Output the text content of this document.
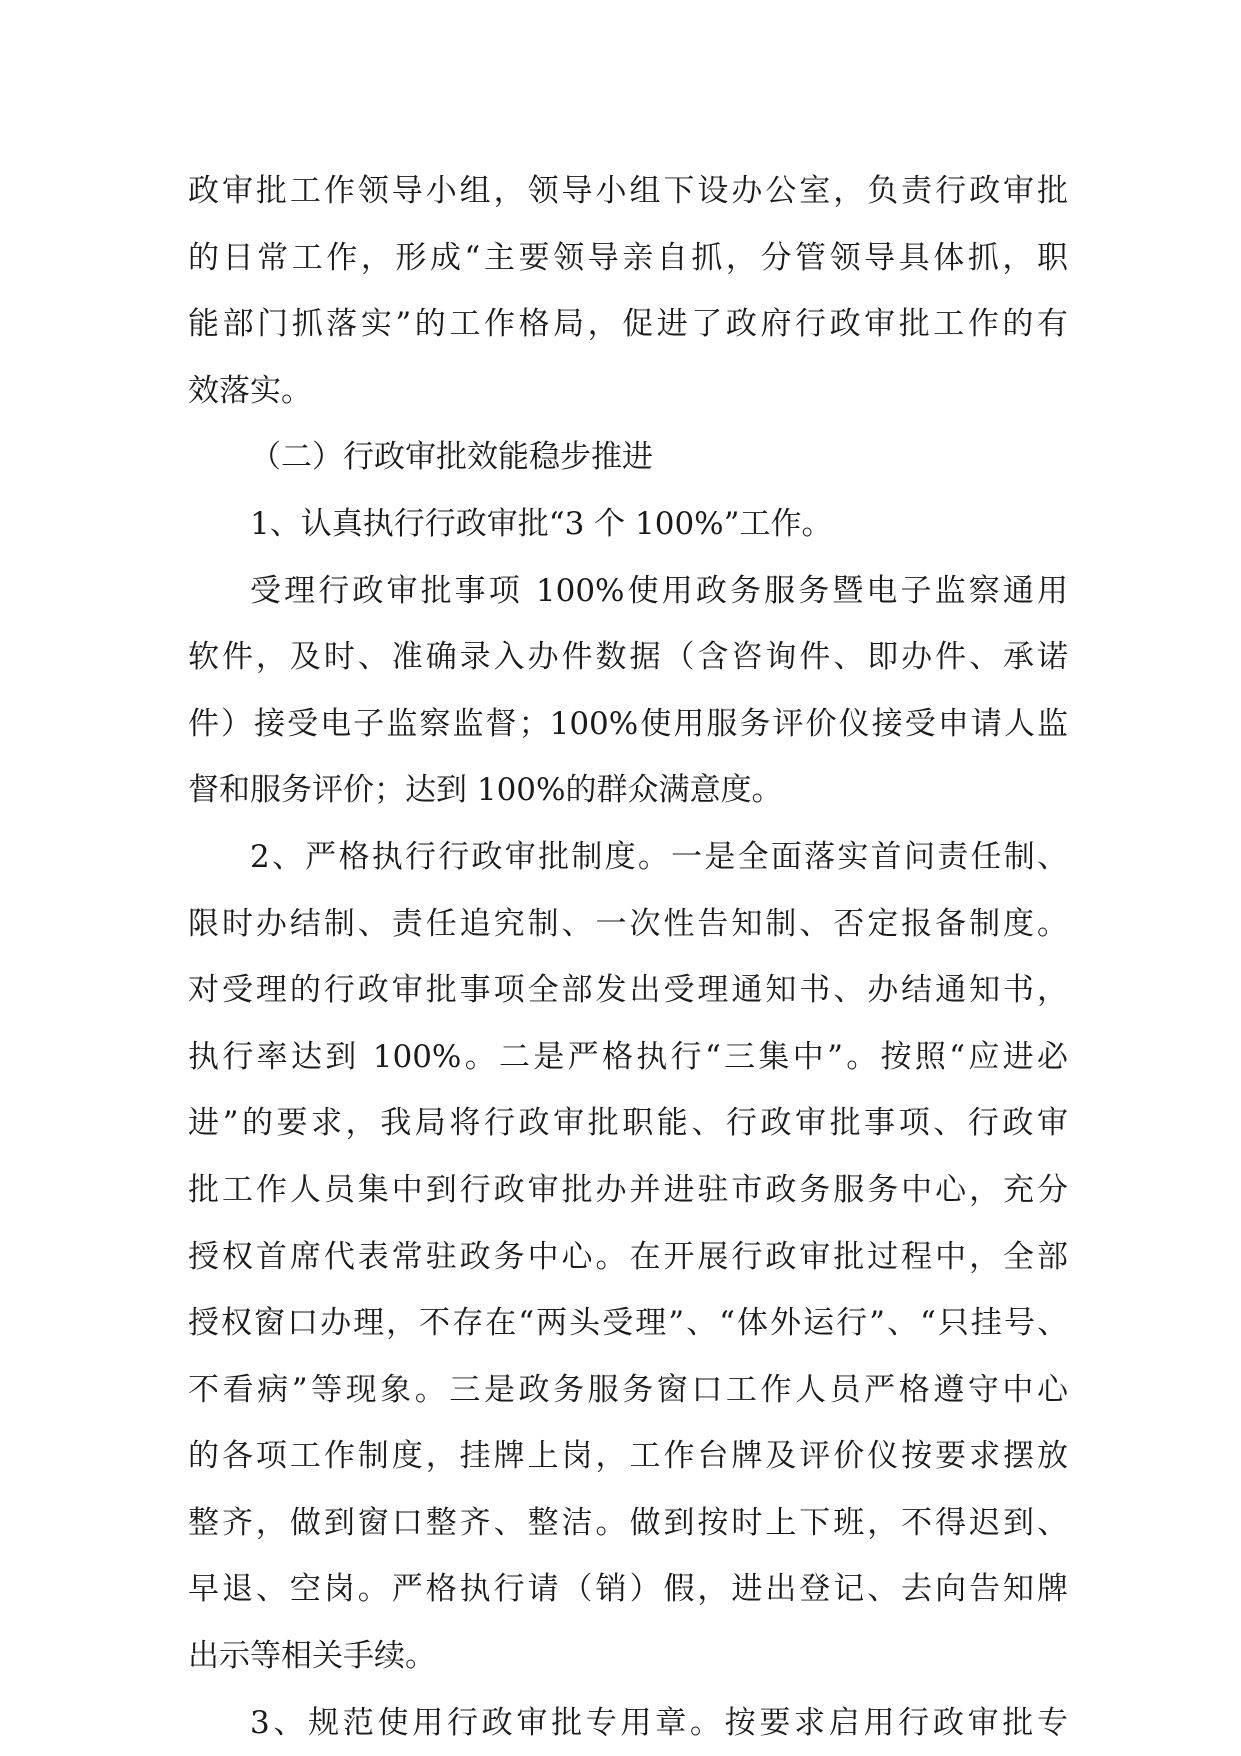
政审批工作领导小组，领导小组下设办公室，负责行政审批
的日常工作，形成“主要领导亲自抓，分管领导具体抓，职
能部门抓落实”的工作格局，促进了政府行政审批工作的有
效落实。
（二）行政审批效能稳步推进
1、认真执行行政审批“3 个 100%”工作。
受理行政审批事项 100%使用政务服务暨电子监察通用
软件，及时、准确录入办件数据（含咨询件、即办件、承诺
件）接受电子监察监督；100%使用服务评价仪接受申请人监
督和服务评价；达到 100%的群众满意度。
2、严格执行行政审批制度。一是全面落实首问责任制、
限时办结制、责任追究制、一次性告知制、否定报备制度。
对受理的行政审批事项全部发出受理通知书、办结通知书，
执行率达到 100%。二是严格执行“三集中”。按照“应进必
进”的要求，我局将行政审批职能、行政审批事项、行政审
批工作人员集中到行政审批办并进驻市政务服务中心，充分
授权首席代表常驻政务中心。在开展行政审批过程中，全部
授权窗口办理，不存在“两头受理”、“体外运行”、“只挂号、
不看病”等现象。三是政务服务窗口工作人员严格遵守中心
的各项工作制度，挂牌上岗，工作台牌及评价仪按要求摆放
整齐，做到窗口整齐、整洁。做到按时上下班，不得迟到、
早退、空岗。严格执行请（销）假，进出登记、去向告知牌
出示等相关手续。
3、规范使用行政审批专用章。按要求启用行政审批专
